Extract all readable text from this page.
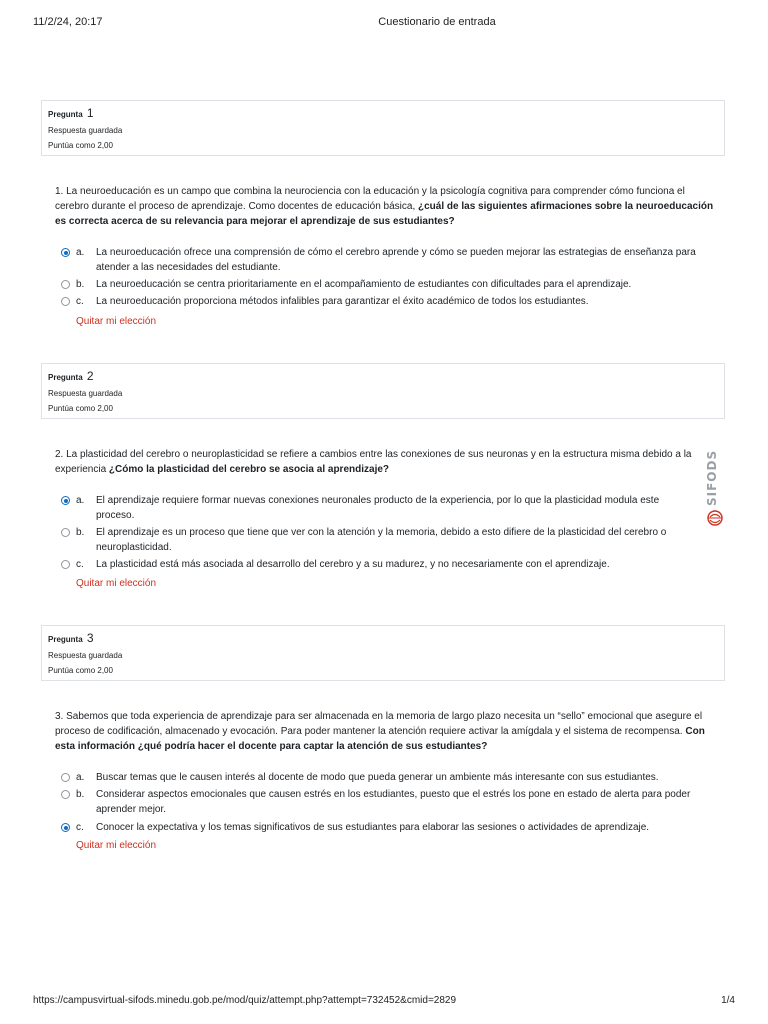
11/2/24, 20:17	Cuestionario de entrada
Pregunta 1
Respuesta guardada
Puntúa como 2,00
1. La neuroeducación es un campo que combina la neurociencia con la educación y la psicología cognitiva para comprender cómo funciona el cerebro durante el proceso de aprendizaje. Como docentes de educación básica, ¿cuál de las siguientes afirmaciones sobre la neuroeducación es correcta acerca de su relevancia para mejorar el aprendizaje de sus estudiantes?
a.	La neuroeducación ofrece una comprensión de cómo el cerebro aprende y cómo se pueden mejorar las estrategias de enseñanza para atender a las necesidades del estudiante.
b.	La neuroeducación se centra prioritariamente en el acompañamiento de estudiantes con dificultades para el aprendizaje.
c.	La neuroeducación proporciona métodos infalibles para garantizar el éxito académico de todos los estudiantes.
Quitar mi elección
Pregunta 2
Respuesta guardada
Puntúa como 2,00
2. La plasticidad del cerebro o neuroplasticidad se refiere a cambios entre las conexiones de sus neuronas y en la estructura misma debido a la experiencia ¿Cómo la plasticidad del cerebro se asocia al aprendizaje?
a.	El aprendizaje requiere formar nuevas conexiones neuronales producto de la experiencia, por lo que la plasticidad modula este proceso.
b.	El aprendizaje es un proceso que tiene que ver con la atención y la memoria, debido a esto difiere de la plasticidad del cerebro o neuroplasticidad.
c.	La plasticidad está más asociada al desarrollo del cerebro y a su madurez, y no necesariamente con el aprendizaje.
Quitar mi elección
Pregunta 3
Respuesta guardada
Puntúa como 2,00
3. Sabemos que toda experiencia de aprendizaje para ser almacenada en la memoria de largo plazo necesita un “sello” emocional que asegure el proceso de codificación, almacenado y evocación. Para poder mantener la atención requiere activar la amígdala y el sistema de recompensa. Con esta información ¿qué podría hacer el docente para captar la atención de sus estudiantes?
a.	Buscar temas que le causen interés al docente de modo que pueda generar un ambiente más interesante con sus estudiantes.
b.	Considerar aspectos emocionales que causen estrés en los estudiantes, puesto que el estrés los pone en estado de alerta para poder aprender mejor.
c.	Conocer la expectativa y los temas significativos de sus estudiantes para elaborar las sesiones o actividades de aprendizaje.
Quitar mi elección
SIFODS
https://campusvirtual-sifods.minedu.gob.pe/mod/quiz/attempt.php?attempt=732452&cmid=2829	1/4
